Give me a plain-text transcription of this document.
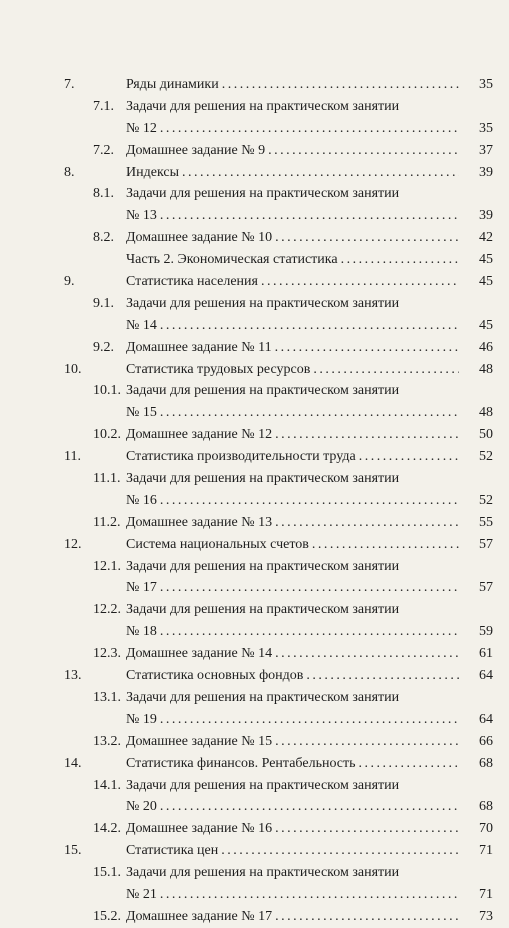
7.	Ряды динамики . . .	35
7.1. Задачи для решения на практическом занятии
№ 12 . . .	35
7.2. Домашнее задание № 9 . . .	37
8.	Индексы . . .	39
8.1. Задачи для решения на практическом занятии
№ 13 . . .	39
8.2. Домашнее задание № 10 . . .	42
Часть 2. Экономическая статистика . . .	45
9.	Статистика населения . . .	45
9.1. Задачи для решения на практическом занятии
№ 14 . . .	45
9.2. Домашнее задание № 11 . . .	46
10.	Статистика трудовых ресурсов . . .	48
10.1. Задачи для решения на практическом занятии
№ 15 . . .	48
10.2. Домашнее задание № 12 . . .	50
11.	Статистика производительности труда . . .	52
11.1. Задачи для решения на практическом занятии
№ 16 . . .	52
11.2. Домашнее задание № 13 . . .	55
12.	Система национальных счетов . . .	57
12.1. Задачи для решения на практическом занятии
№ 17 . . .	57
12.2. Задачи для решения на практическом занятии
№ 18 . . .	59
12.3. Домашнее задание № 14 . . .	61
13.	Статистика основных фондов . . .	64
13.1. Задачи для решения на практическом занятии
№ 19 . . .	64
13.2. Домашнее задание № 15 . . .	66
14.	Статистика финансов. Рентабельность . . .	68
14.1. Задачи для решения на практическом занятии
№ 20 . . .	68
14.2. Домашнее задание № 16 . . .	70
15.	Статистика цен . . .	71
15.1. Задачи для решения на практическом занятии
№ 21 . . .	71
15.2. Домашнее задание № 17 . . .	73
